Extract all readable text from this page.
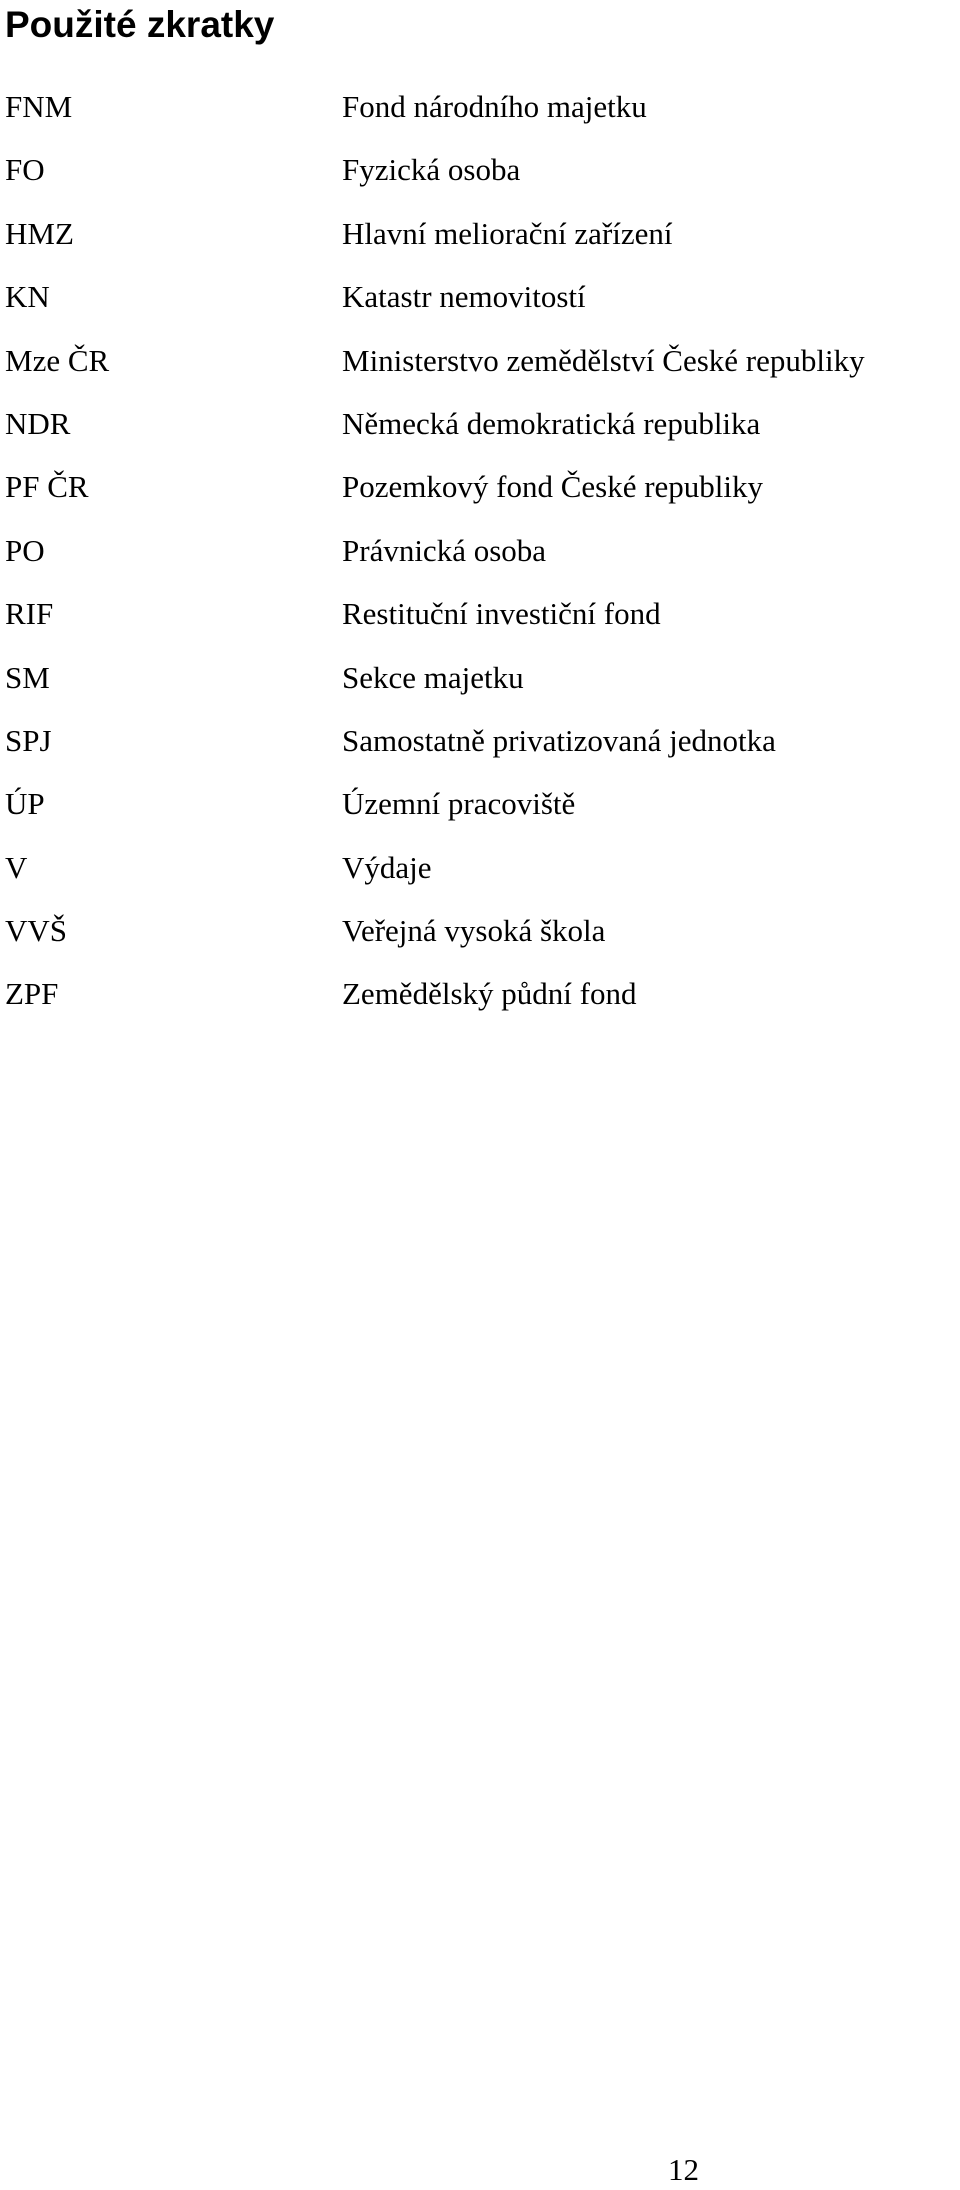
Použité zkratky
FNM	Fond národního majetku
FO	Fyzická osoba
HMZ	Hlavní meliorační zařízení
KN	Katastr nemovitostí
Mze ČR	Ministerstvo zemědělství České republiky
NDR	Německá demokratická republika
PF ČR	Pozemkový fond České republiky
PO	Právnická osoba
RIF	Restituční investiční fond
SM	Sekce majetku
SPJ	Samostatně privatizovaná jednotka
ÚP	Územní pracoviště
V	Výdaje
VVŠ	Veřejná vysoká škola
ZPF	Zemědělský půdní fond
12
